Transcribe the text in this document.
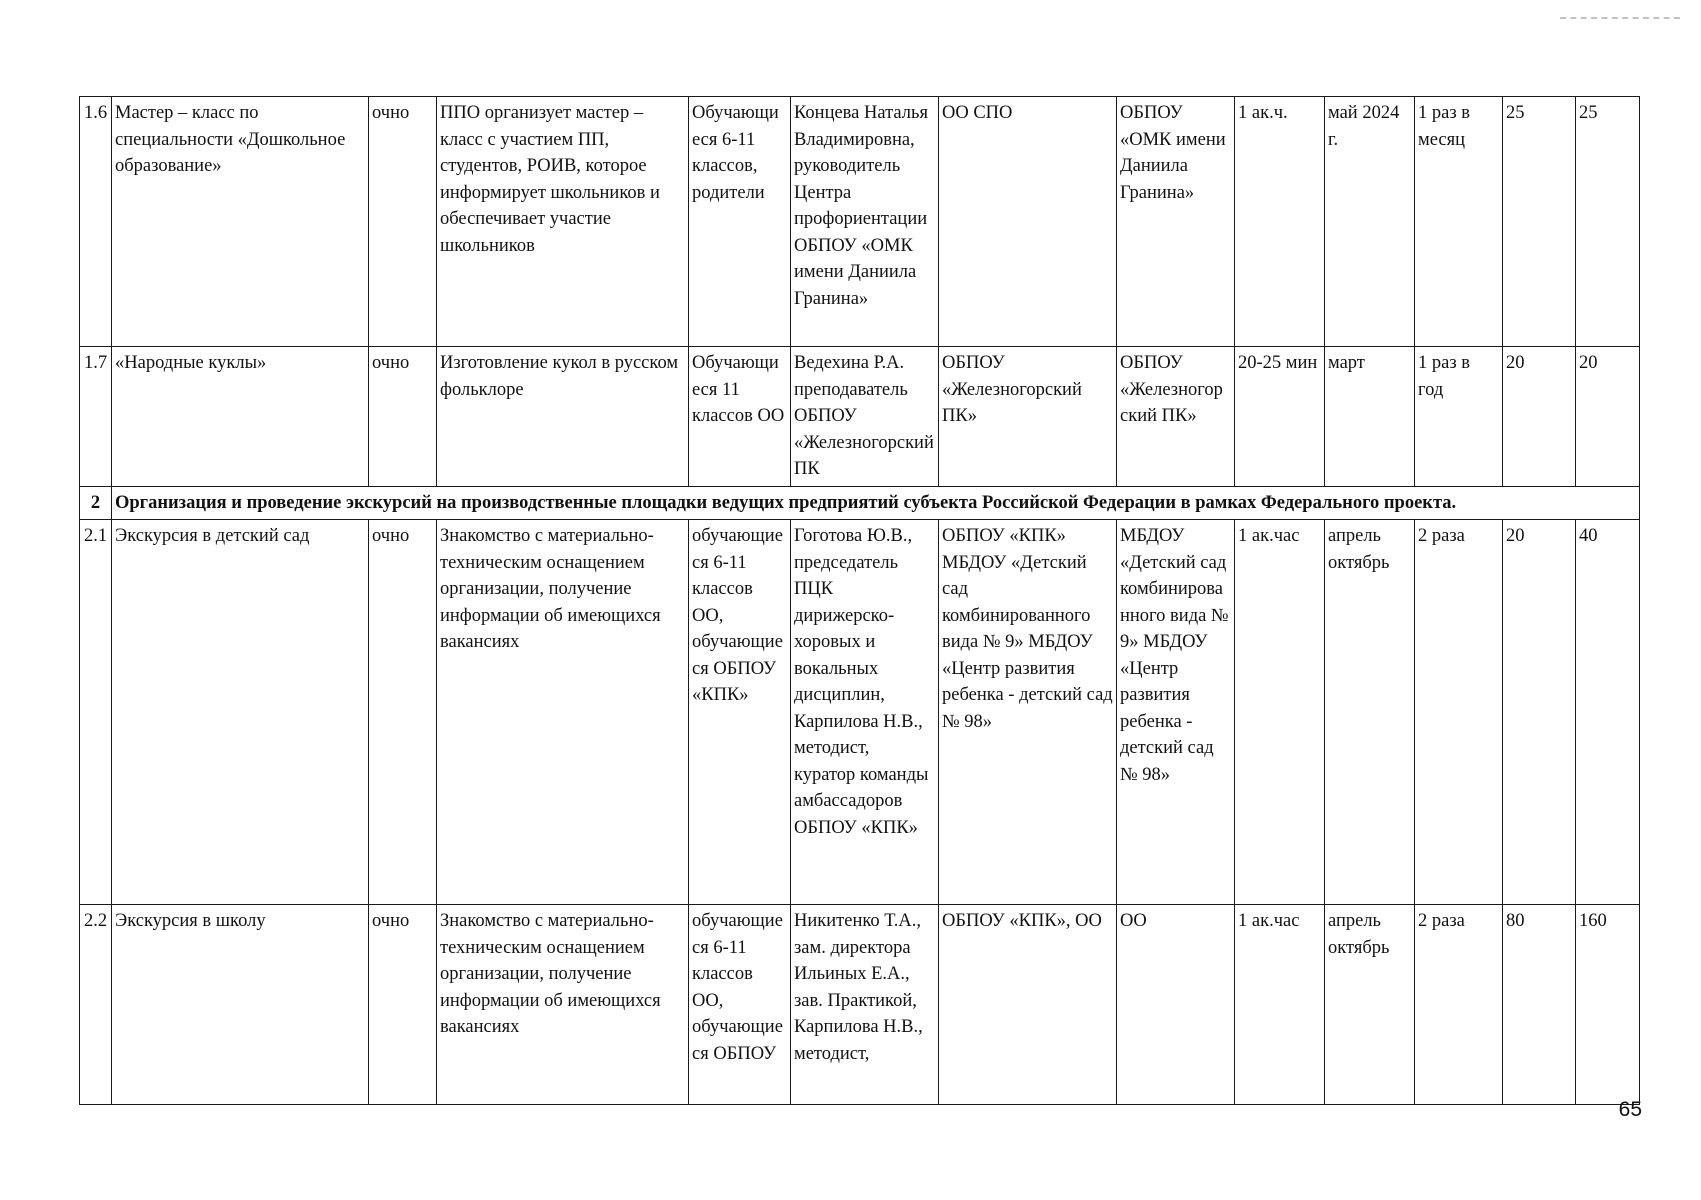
1.6	Мастер – класс по специальности «Дошкольное образование»	очно	ППО организует мастер – класс с участием ПП, студентов, РОИВ, которое информирует школьников и обеспечивает участие школьников	Обучающиеся 6-11 классов, родители	Концева Наталья Владимировна, руководитель Центра профориентации ОБПОУ «ОМК имени Даниила Гранина»	ОО СПО	ОБПОУ «ОМК имени Даниила Гранина»	1 ак.ч.	май 2024 г.	1 раз в месяц	25	25
1.7	«Народные куклы»	очно	Изготовление кукол в русском фольклоре	Обучающиеся 11 классов ОО	Ведехина Р.А. преподаватель ОБПОУ «Железногорский ПК	ОБПОУ «Железногорский ПК»	ОБПОУ «Железногорский ПК»	20-25 мин	март	1 раз в год	20	20
2	Организация и проведение экскурсий на производственные площадки ведущих предприятий субъекта Российской Федерации в рамках Федерального проекта.											
2.1	Экскурсия в детский сад	очно	Знакомство с материально-техническим оснащением организации, получение информации об имеющихся вакансиях	обучающиеся 6-11 классов ОО, обучающиеся ОБПОУ «КПК»	Гоготова Ю.В., председатель ПЦК дирижерско-хоровых и вокальных дисциплин, Карпилова Н.В., методист, куратор команды амбассадоров ОБПОУ «КПК»	ОБПОУ «КПК» МБДОУ «Детский сад комбинированного вида № 9» МБДОУ «Центр развития ребенка - детский сад № 98»	МБДОУ «Детский сад комбинированного вида № 9» МБДОУ «Центр развития ребенка - детский сад № 98»	1 ак.час	апрель октябрь	2 раза	20	40
2.2	Экскурсия в школу	очно	Знакомство с материально-техническим оснащением организации, получение информации об имеющихся вакансиях	обучающиеся 6-11 классов ОО, обучающиеся ОБПОУ	Никитенко Т.А., зам. директора Ильиных Е.А., зав. Практикой, Карпилова Н.В., методист,	ОБПОУ «КПК», ОО	ОО	1 ак.час	апрель октябрь	2 раза	80	160
65
